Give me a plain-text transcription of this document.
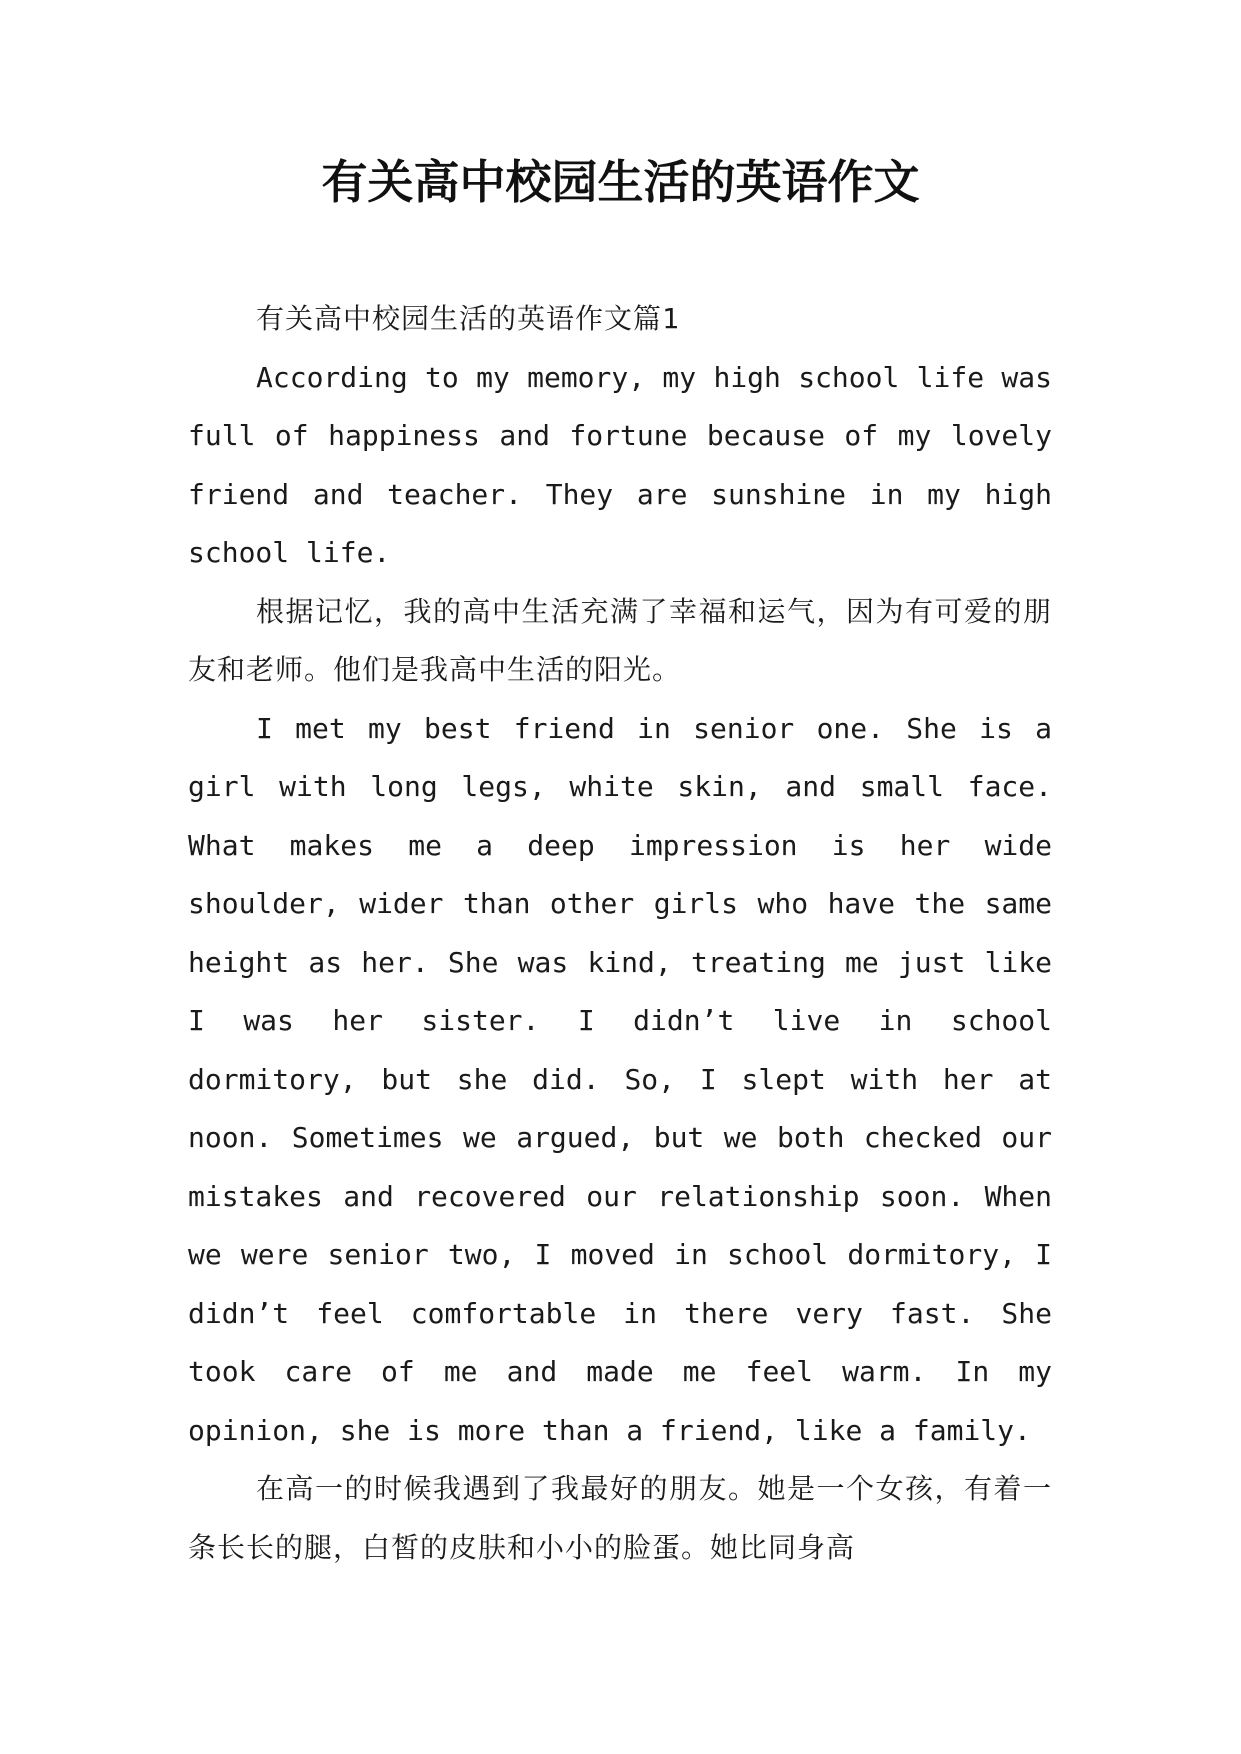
有关高中校园生活的英语作文

有关高中校园生活的英语作文篇1

According to my memory, my high school life was full of happiness and fortune because of my lovely friend and teacher. They are sunshine in my high school life.

根据记忆，我的高中生活充满了幸福和运气，因为有可爱的朋友和老师。他们是我高中生活的阳光。

I met my best friend in senior one. She is a girl with long legs, white skin, and small face. What makes me a deep impression is her wide shoulder, wider than other girls who have the same height as her. She was kind, treating me just like I was her sister. I didn’t live in school dormitory, but she did. So, I slept with her at noon. Sometimes we argued, but we both checked our mistakes and recovered our relationship soon. When we were senior two, I moved in school dormitory, I didn’t feel comfortable in there very fast. She took care of me and made me feel warm. In my opinion, she is more than a friend, like a family.

在高一的时候我遇到了我最好的朋友。她是一个女孩，有着一条长长的腿，白皙的皮肤和小小的脸蛋。她比同身高
